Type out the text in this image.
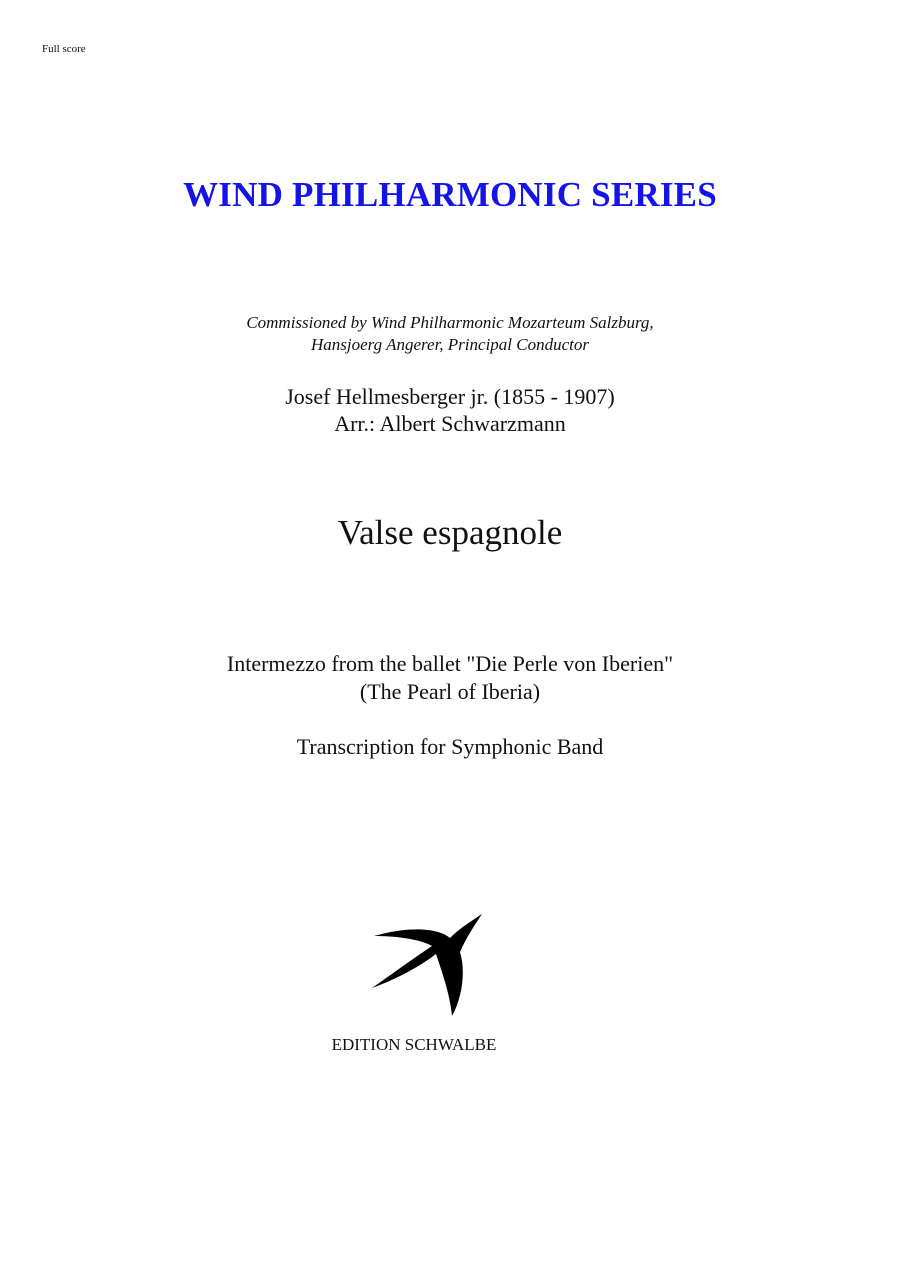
Full score
WIND PHILHARMONIC SERIES
Commissioned by Wind Philharmonic Mozarteum Salzburg,
Hansjoerg Angerer, Principal Conductor
Josef Hellmesberger jr. (1855 - 1907)
Arr.: Albert Schwarzmann
Valse espagnole
Intermezzo from the ballet "Die Perle von Iberien"
(The Pearl of Iberia)
Transcription for Symphonic Band
EDITION SCHWALBE
